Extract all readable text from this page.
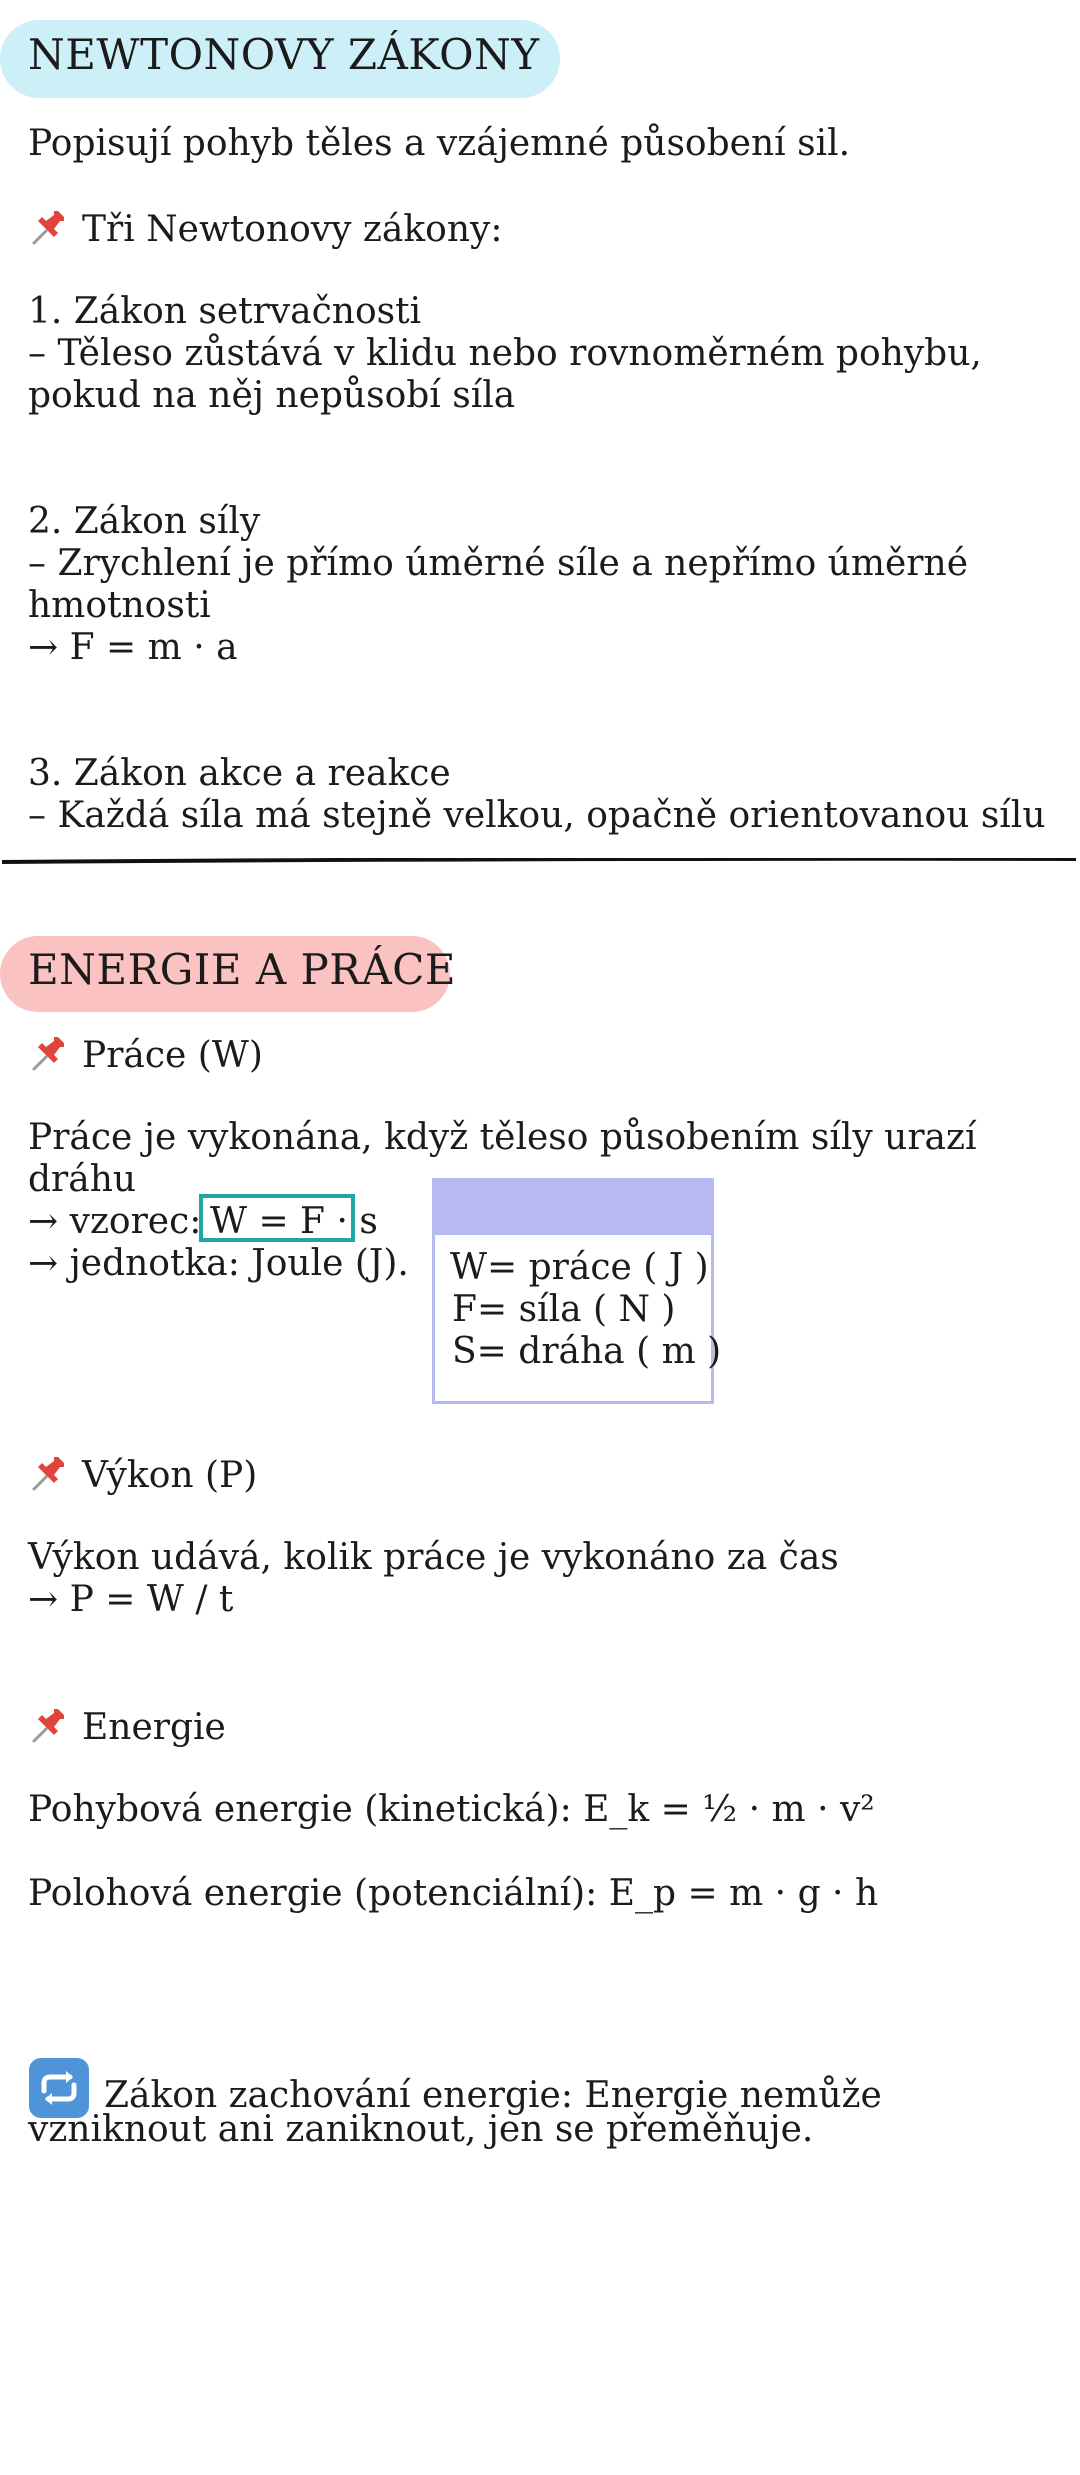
NEWTONOVY ZÁKONY
Popisují pohyb těles a vzájemné působení sil.
Tři Newtonovy zákony:
1. Zákon setrvačnosti
– Těleso zůstává v klidu nebo rovnoměrném pohybu,
pokud na něj nepůsobí síla
2. Zákon síly
– Zrychlení je přímo úměrné síle a nepřímo úměrné
hmotnosti
→ F = m · a
3. Zákon akce a reakce
– Každá síla má stejně velkou, opačně orientovanou sílu
ENERGIE A PRÁCE
Práce (W)
Práce je vykonána, když těleso působením síly urazí
dráhu
→ vzorec: W = F · s
→ jednotka: Joule (J). W= práce ( J )
F= síla ( N )
S= dráha ( m )
Výkon (P)
Výkon udává, kolik práce je vykonáno za čas
→ P = W / t
Energie
Pohybová energie (kinetická): E_k = ½ · m · v²
Polohová energie (potenciální): E_p = m · g · h
Zákon zachování energie: Energie nemůže
vzniknout ani zaniknout, jen se přeměňuje.
